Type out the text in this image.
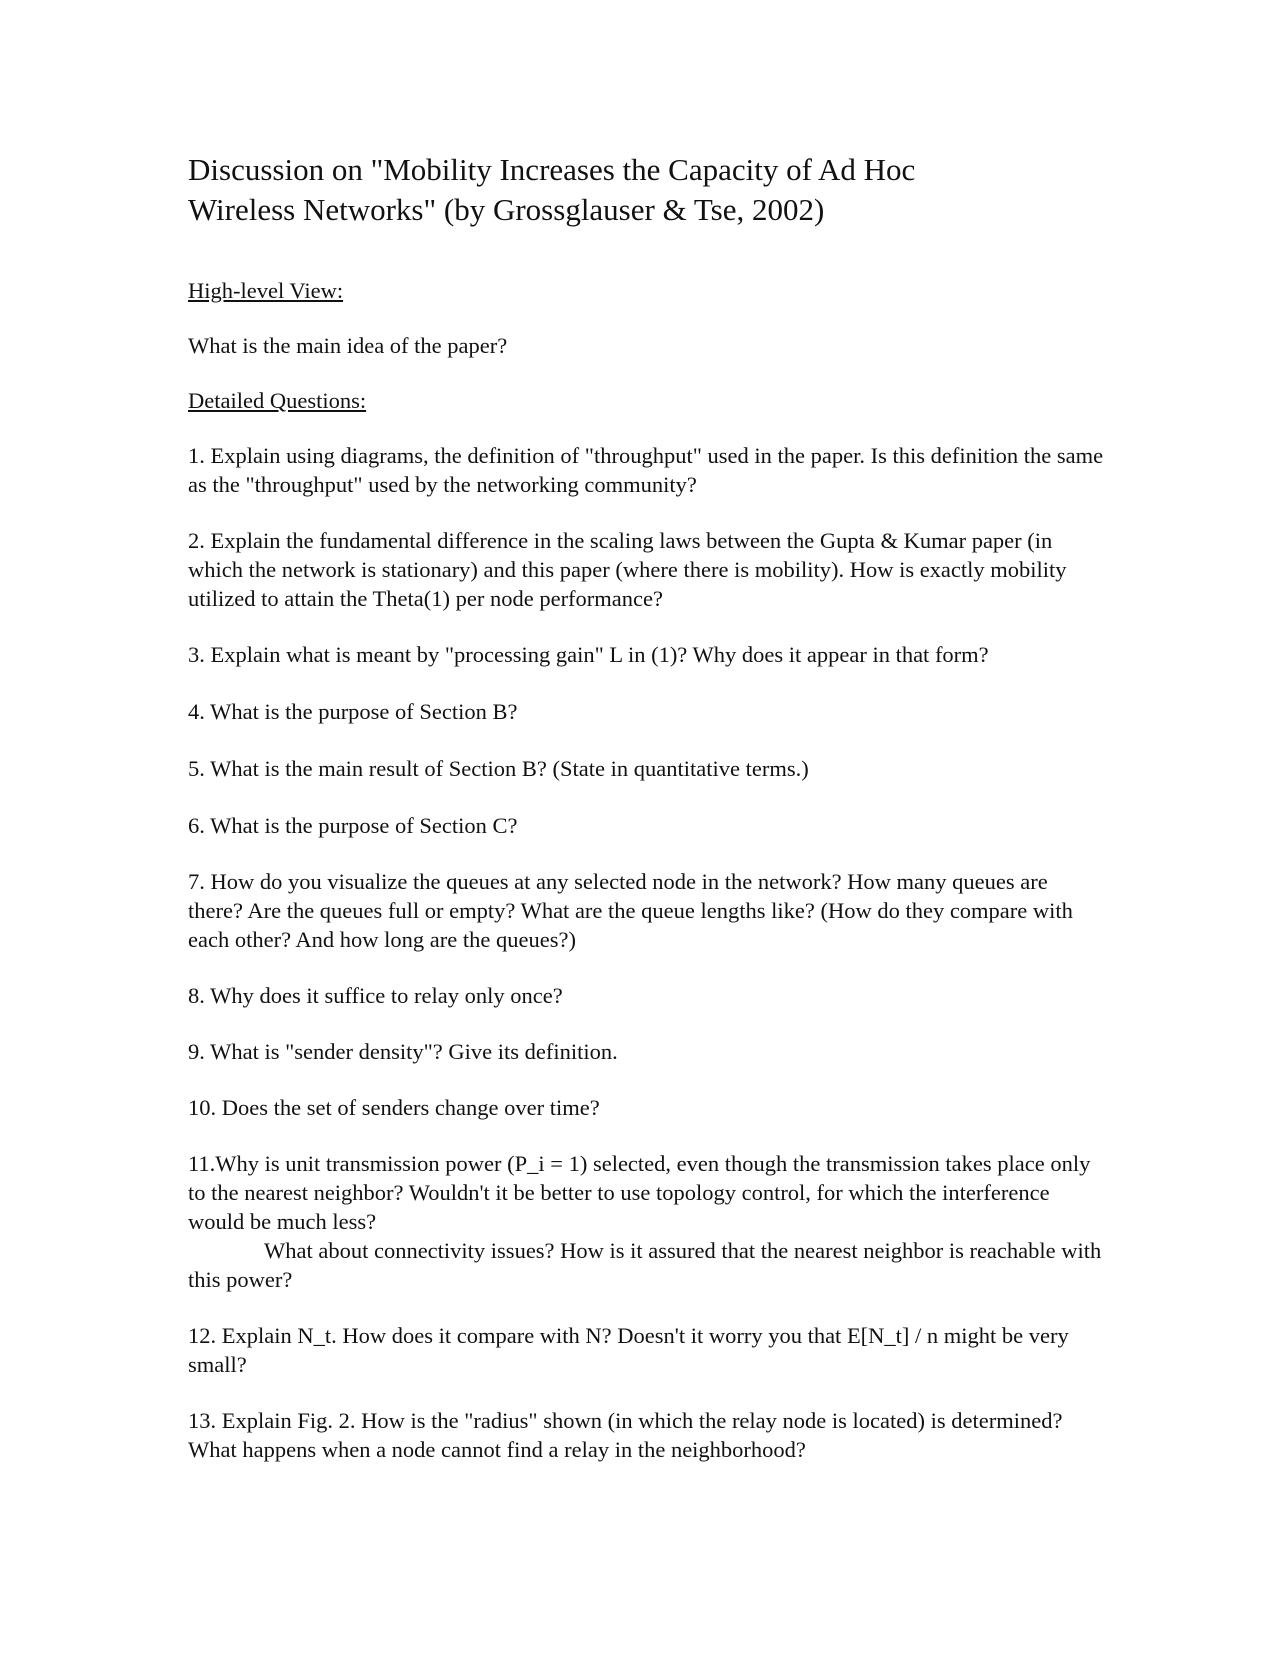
Discussion on "Mobility Increases the Capacity of Ad Hoc Wireless Networks" (by Grossglauser & Tse, 2002)

High-level View:

What is the main idea of the paper?

Detailed Questions:

1. Explain using diagrams, the definition of "throughput" used in the paper. Is this definition the same as the "throughput" used by the networking community?

2. Explain the fundamental difference in the scaling laws between the Gupta & Kumar paper (in which the network is stationary) and this paper (where there is mobility). How is exactly mobility utilized to attain the Theta(1) per node performance?

3. Explain what is meant by "processing gain" L in (1)? Why does it appear in that form?

4. What is the purpose of Section B?

5. What is the main result of Section B? (State in quantitative terms.)

6. What is the purpose of Section C?

7. How do you visualize the queues at any selected node in the network? How many queues are there? Are the queues full or empty? What are the queue lengths like? (How do they compare with each other? And how long are the queues?)

8. Why does it suffice to relay only once?

9. What is "sender density"? Give its definition.

10. Does the set of senders change over time?

11.Why is unit transmission power (P_i = 1) selected, even though the transmission takes place only to the nearest neighbor? Wouldn't it be better to use topology control, for which the interference would be much less?

What about connectivity issues? How is it assured that the nearest neighbor is reachable with this power?

12. Explain N_t. How does it compare with N? Doesn't it worry you that E[N_t] / n might be very small?

13. Explain Fig. 2. How is the "radius" shown (in which the relay node is located) is determined? What happens when a node cannot find a relay in the neighborhood?
